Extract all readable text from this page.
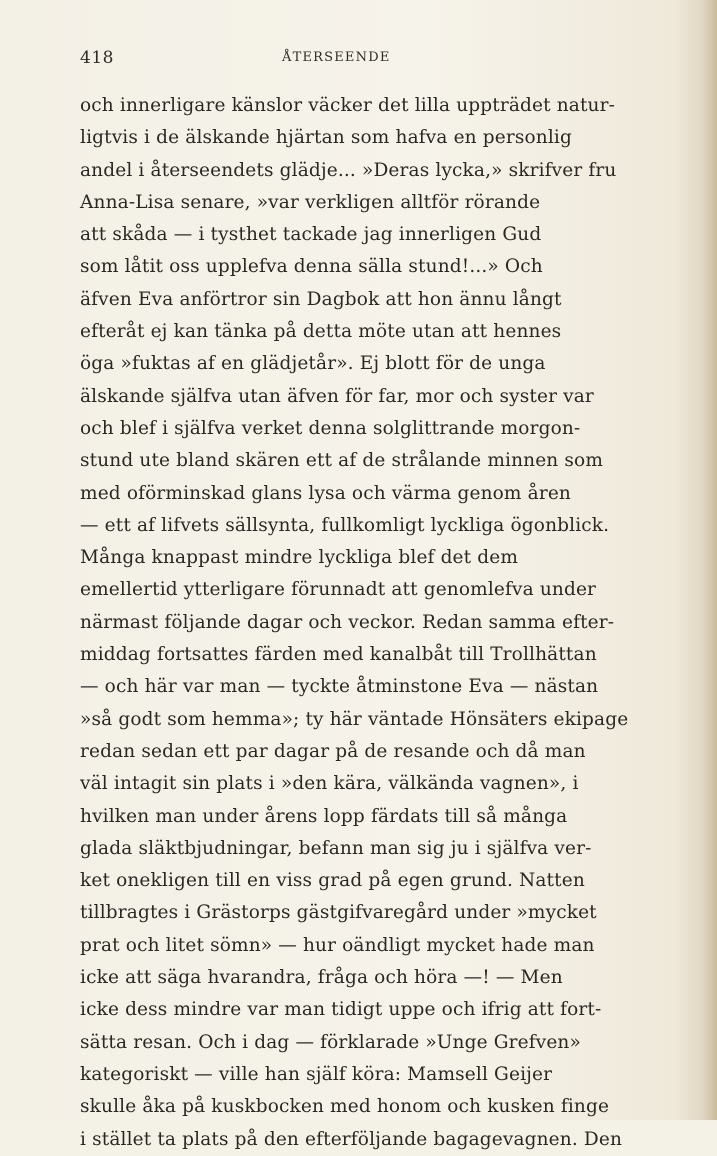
418	ÅTERSEENDE
och innerligare känslor väcker det lilla uppträdet natur-
ligtvis i de älskande hjärtan som hafva en personlig
andel i återseendets glädje... »Deras lycka,» skrifver fru
Anna-Lisa senare, »var verkligen alltför rörande
att skåda — i tysthet tackade jag innerligen Gud
som låtit oss upplefva denna sälla stund!...» Och
äfven Eva anförtror sin Dagbok att hon ännu långt
efteråt ej kan tänka på detta möte utan att hennes
öga »fuktas af en glädjetår». Ej blott för de unga
älskande själfva utan äfven för far, mor och syster var
och blef i själfva verket denna solglittrande morgon-
stund ute bland skären ett af de strålande minnen som
med oförminskad glans lysa och värma genom åren
— ett af lifvets sällsynta, fullkomligt lyckliga ögonblick.
Många knappast mindre lyckliga blef det dem
emellertid ytterligare förunnadt att genomlefva under
närmast följande dagar och veckor. Redan samma efter-
middag fortsattes färden med kanalbåt till Trollhättan
— och här var man — tyckte åtminstone Eva — nästan
»så godt som hemma»; ty här väntade Hönsäters ekipage
redan sedan ett par dagar på de resande och då man
väl intagit sin plats i »den kära, välkända vagnen», i
hvilken man under årens lopp färdats till så många
glada släktbjudningar, befann man sig ju i själfva ver-
ket onekligen till en viss grad på egen grund. Natten
tillbragtes i Grästorps gästgifvaregård under »mycket
prat och litet sömn» — hur oändligt mycket hade man
icke att säga hvarandra, fråga och höra —! — Men
icke dess mindre var man tidigt uppe och ifrig att fort-
sätta resan. Och i dag — förklarade »Unge Grefven»
kategoriskt — ville han själf köra: Mamsell Geijer
skulle åka på kuskbocken med honom och kusken finge
i stället ta plats på den efterföljande bagagevagnen. Den
